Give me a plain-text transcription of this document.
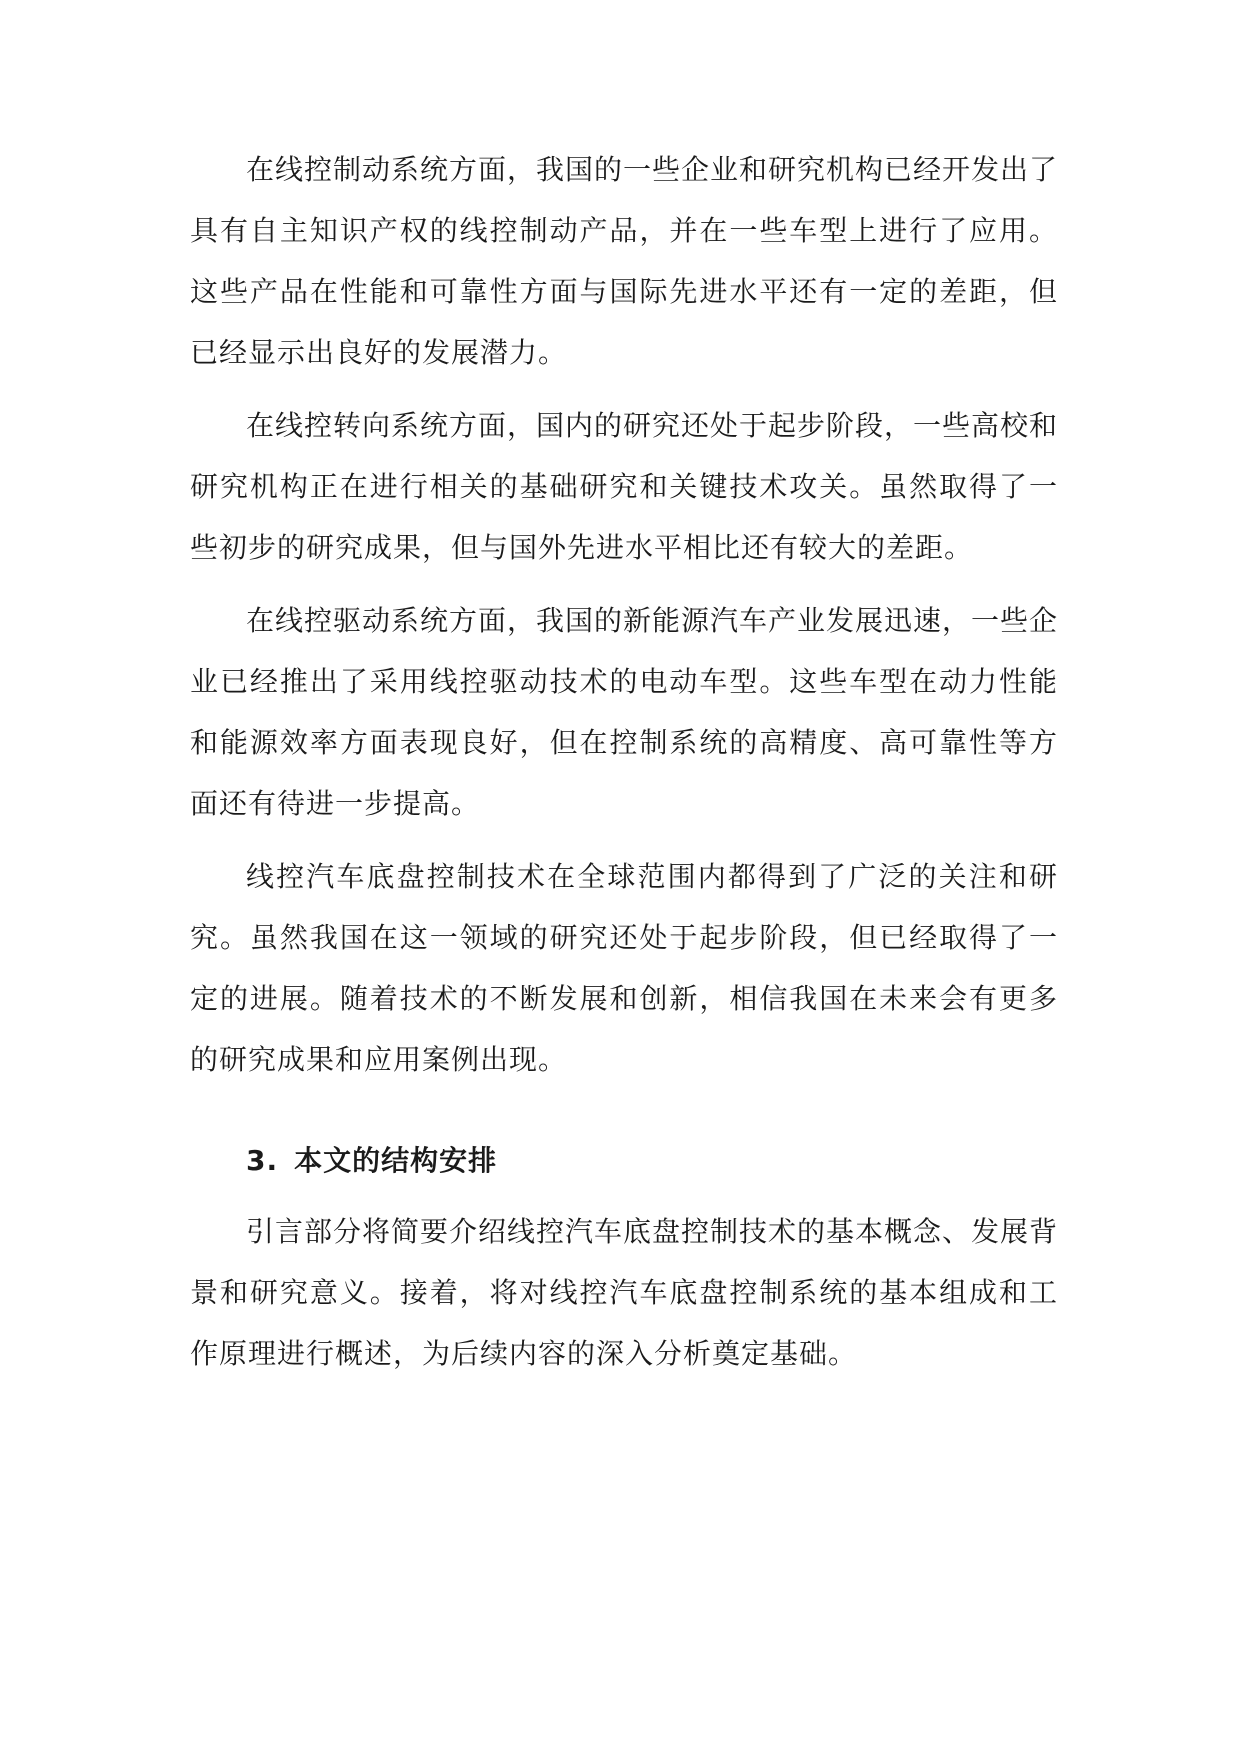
在线控制动系统方面，我国的一些企业和研究机构已经开发出了具有自主知识产权的线控制动产品，并在一些车型上进行了应用。这些产品在性能和可靠性方面与国际先进水平还有一定的差距，但已经显示出良好的发展潜力。

在线控转向系统方面，国内的研究还处于起步阶段，一些高校和研究机构正在进行相关的基础研究和关键技术攻关。虽然取得了一些初步的研究成果，但与国外先进水平相比还有较大的差距。

在线控驱动系统方面，我国的新能源汽车产业发展迅速，一些企业已经推出了采用线控驱动技术的电动车型。这些车型在动力性能和能源效率方面表现良好，但在控制系统的高精度、高可靠性等方面还有待进一步提高。

线控汽车底盘控制技术在全球范围内都得到了广泛的关注和研究。虽然我国在这一领域的研究还处于起步阶段，但已经取得了一定的进展。随着技术的不断发展和创新，相信我国在未来会有更多的研究成果和应用案例出现。

3. 本文的结构安排

引言部分将简要介绍线控汽车底盘控制技术的基本概念、发展背景和研究意义。接着，将对线控汽车底盘控制系统的基本组成和工作原理进行概述，为后续内容的深入分析奠定基础。
